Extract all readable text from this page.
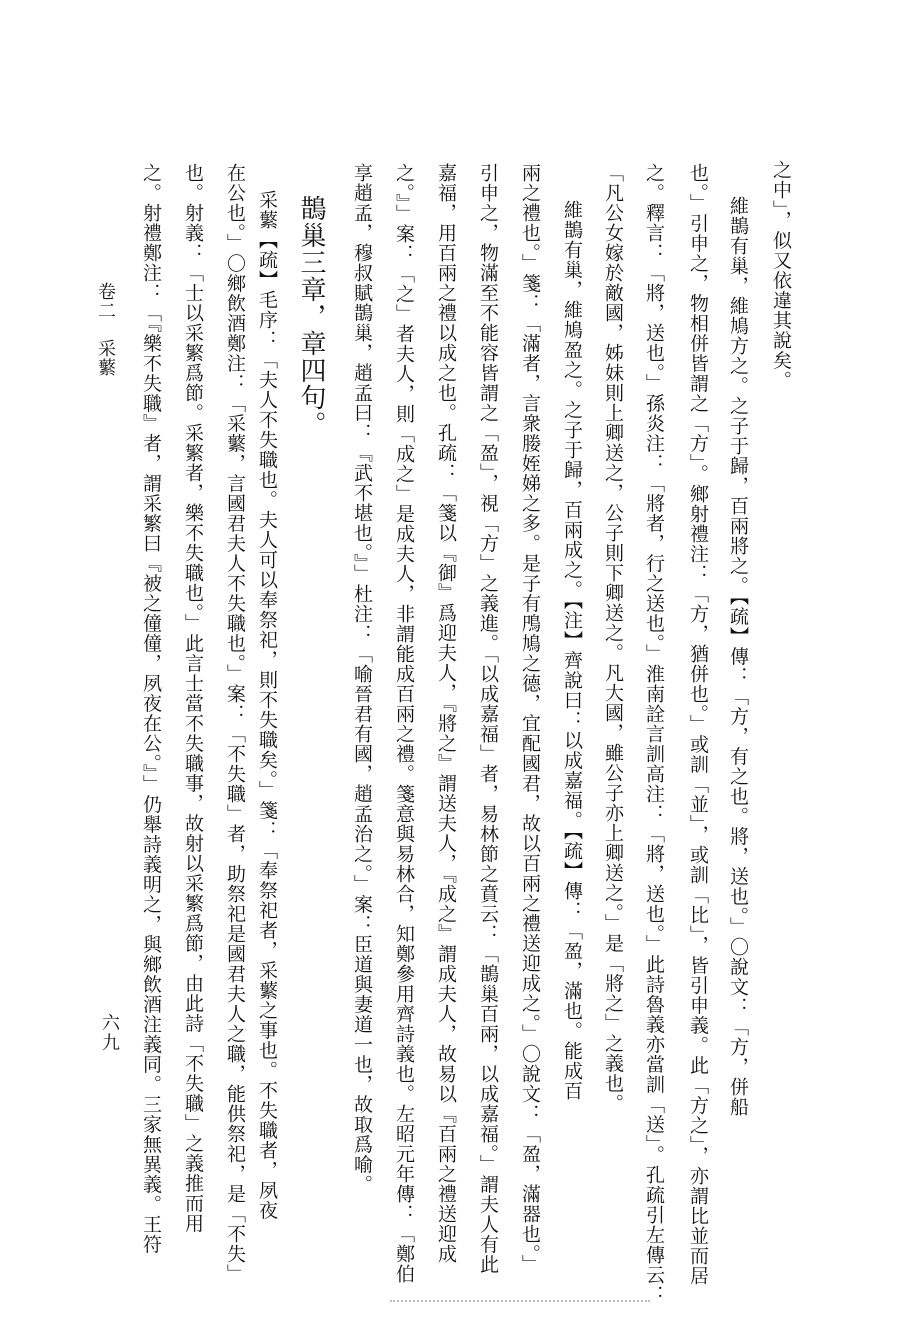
之中」，似又依違其說矣。
維鵲有巢，維鳩方之。之子于歸，百兩將之。【疏】傳：「方，有之也。將，送也。」〇說文：「方，併船
也。」引申之，物相併皆謂之「方」。鄉射禮注：「方，猶併也。」或訓「並」，或訓「比」，皆引申義。此「方之」，亦謂比並而居
之。釋言：「將，送也。」孫炎注：「將者，行之送也。」淮南詮言訓高注：「將，送也。」此詩魯義亦當訓「送」。孔疏引左傳云：
「凡公女嫁於敵國，姊妹則上卿送之，公子則下卿送之。凡大國，雖公子亦上卿送之。」是「將之」之義也。
維鵲有巢，維鳩盈之。之子于歸，百兩成之。【注】齊說曰：以成嘉福。【疏】傳：「盈，滿也。能成百
兩之禮也。」箋：「滿者，言衆媵姪娣之多。是子有鳲鳩之德，宜配國君，故以百兩之禮送迎成之。」〇說文：「盈，滿器也。」
引申之，物滿至不能容皆謂之「盈」，視「方」之義進。「以成嘉福」者，易林節之賁云：「鵲巢百兩，以成嘉福。」謂夫人有此
嘉福，用百兩之禮以成之也。孔疏：「箋以『御』爲迎夫人，『將之』謂送夫人，『成之』謂成夫人，故易以『百兩之禮送迎成
之。』」案：「之」者夫人，則「成之」是成夫人，非謂能成百兩之禮。箋意與易林合，知鄭參用齊詩義也。左昭元年傳：「鄭伯
享趙孟，穆叔賦鵲巢，趙孟曰：『武不堪也。』」杜注：「喻晉君有國，趙孟治之。」案：臣道與妻道一也，故取爲喻。
鵲巢三章，章四句。
采蘩【疏】毛序：「夫人不失職也。夫人可以奉祭祀，則不失職矣。」箋：「奉祭祀者，采蘩之事也。不失職者，夙夜
在公也。」〇鄉飲酒鄭注：「采蘩，言國君夫人不失職也。」案：「不失職」者，助祭祀是國君夫人之職，能供祭祀，是「不失」
也。射義：「士以采繁爲節。采繁者，樂不失職也。」此言士當不失職事，故射以采繁爲節，由此詩「不失職」之義推而用
之。射禮鄭注：「『樂不失職』者，謂采繁曰『被之僮僮，夙夜在公。』」仍舉詩義明之，與鄉飲酒注義同。三家無異義。王符
卷二　采蘩
六九
